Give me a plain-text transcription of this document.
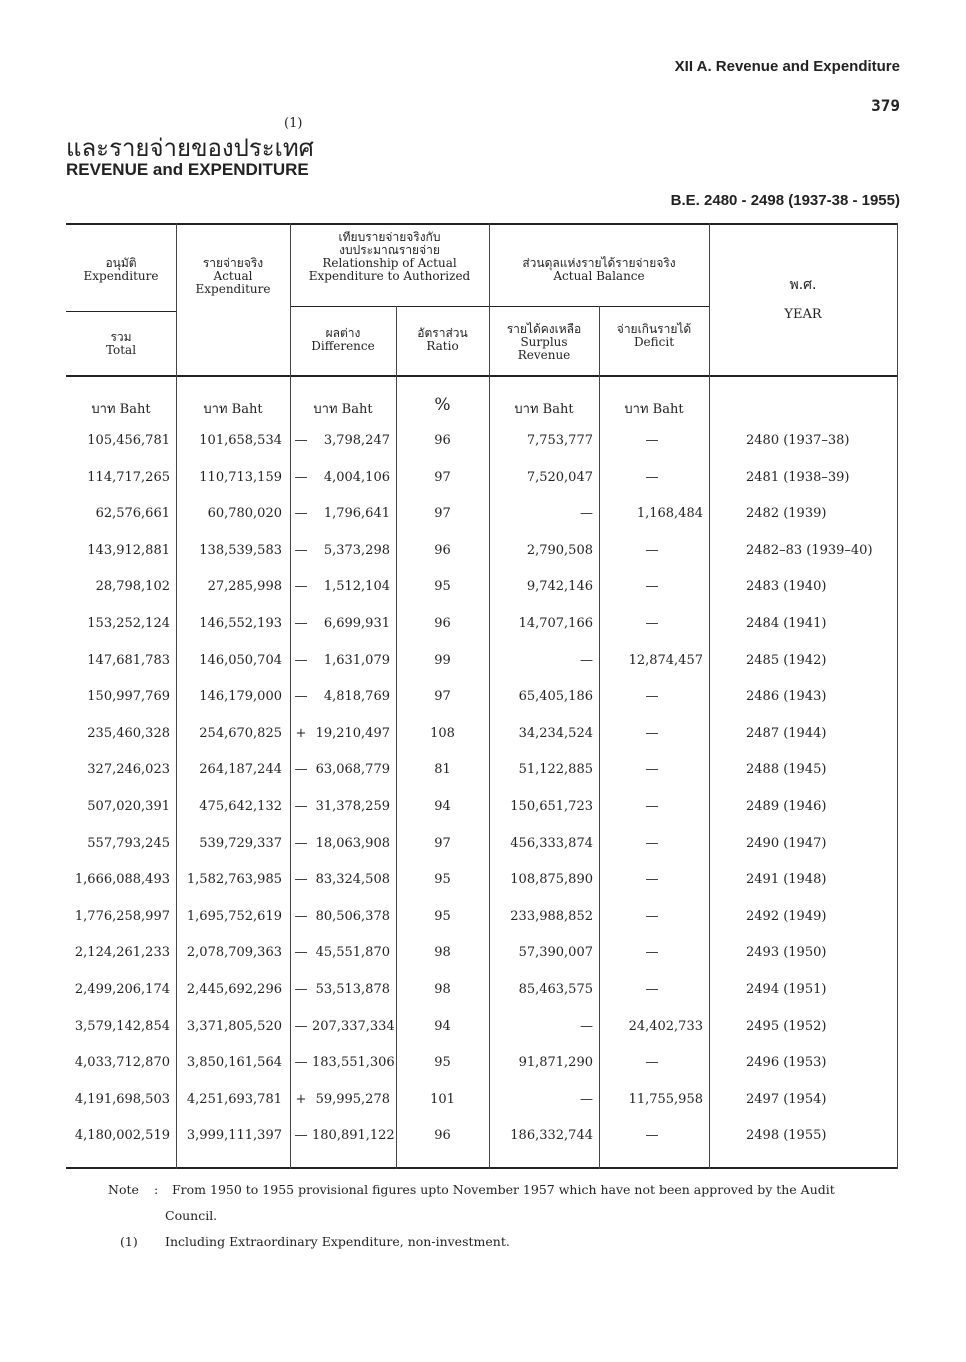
XII A. Revenue and Expenditure
379
และรายจ่ายของประเทศ
(1)
REVENUE and EXPENDITURE
B.E. 2480 - 2498 (1937-38 - 1955)
อนุมัติ
Expenditure
รวม
Total
รายจ่ายจริง
Actual
Expenditure
เทียบรายจ่ายจริงกับ
งบประมาณรายจ่าย
Relationship of Actual
Expenditure to Authorized
ผลต่าง
Difference
อัตราส่วน
Ratio
ส่วนดุลแห่งรายได้รายจ่ายจริง
Actual Balance
รายได้คงเหลือ
Surplus
Revenue
จ่ายเกินรายได้
Deficit
พ.ศ.
YEAR
บาท Baht	บาท Baht	บาท Baht	%	บาท Baht	บาท Baht
105,456,781	101,658,534 —	3,798,247	96	7,753,777	—	2480 (1937–38)
114,717,265	110,713,159 —	4,004,106	97	7,520,047	—	2481 (1938–39)
62,576,661	60,780,020 —	1,796,641	97	—	1,168,484	2482 (1939)
143,912,881	138,539,583 —	5,373,298	96	2,790,508	—	2482–83 (1939–40)
28,798,102	27,285,998 —	1,512,104	95	9,742,146	—	2483 (1940)
153,252,124	146,552,193 —	6,699,931	96	14,707,166	—	2484 (1941)
147,681,783	146,050,704 —	1,631,079	99	—	12,874,457	2485 (1942)
150,997,769	146,179,000 —	4,818,769	97	65,405,186	—	2486 (1943)
235,460,328	254,670,825 + 19,210,497	108	34,234,524	—	2487 (1944)
327,246,023	264,187,244 — 63,068,779	81	51,122,885	—	2488 (1945)
507,020,391	475,642,132 — 31,378,259	94	150,651,723	—	2489 (1946)
557,793,245	539,729,337 — 18,063,908	97	456,333,874	—	2490 (1947)
1,666,088,493	1,582,763,985 — 83,324,508	95	108,875,890	—	2491 (1948)
1,776,258,997	1,695,752,619 — 80,506,378	95	233,988,852	—	2492 (1949)
2,124,261,233	2,078,709,363 — 45,551,870	98	57,390,007	—	2493 (1950)
2,499,206,174	2,445,692,296 — 53,513,878	98	85,463,575	—	2494 (1951)
3,579,142,854	3,371,805,520 — 207,337,334	94	—	24,402,733	2495 (1952)
4,033,712,870	3,850,161,564 — 183,551,306	95	91,871,290	—	2496 (1953)
4,191,698,503	4,251,693,781 + 59,995,278	101	—	11,755,958	2497 (1954)
4,180,002,519	3,999,111,397 — 180,891,122	96	186,332,744	—	2498 (1955)
Note : From 1950 to 1955 provisional figures upto November 1957 which have not been approved by the Audit
Council.
(1) Including Extraordinary Expenditure, non-investment.
